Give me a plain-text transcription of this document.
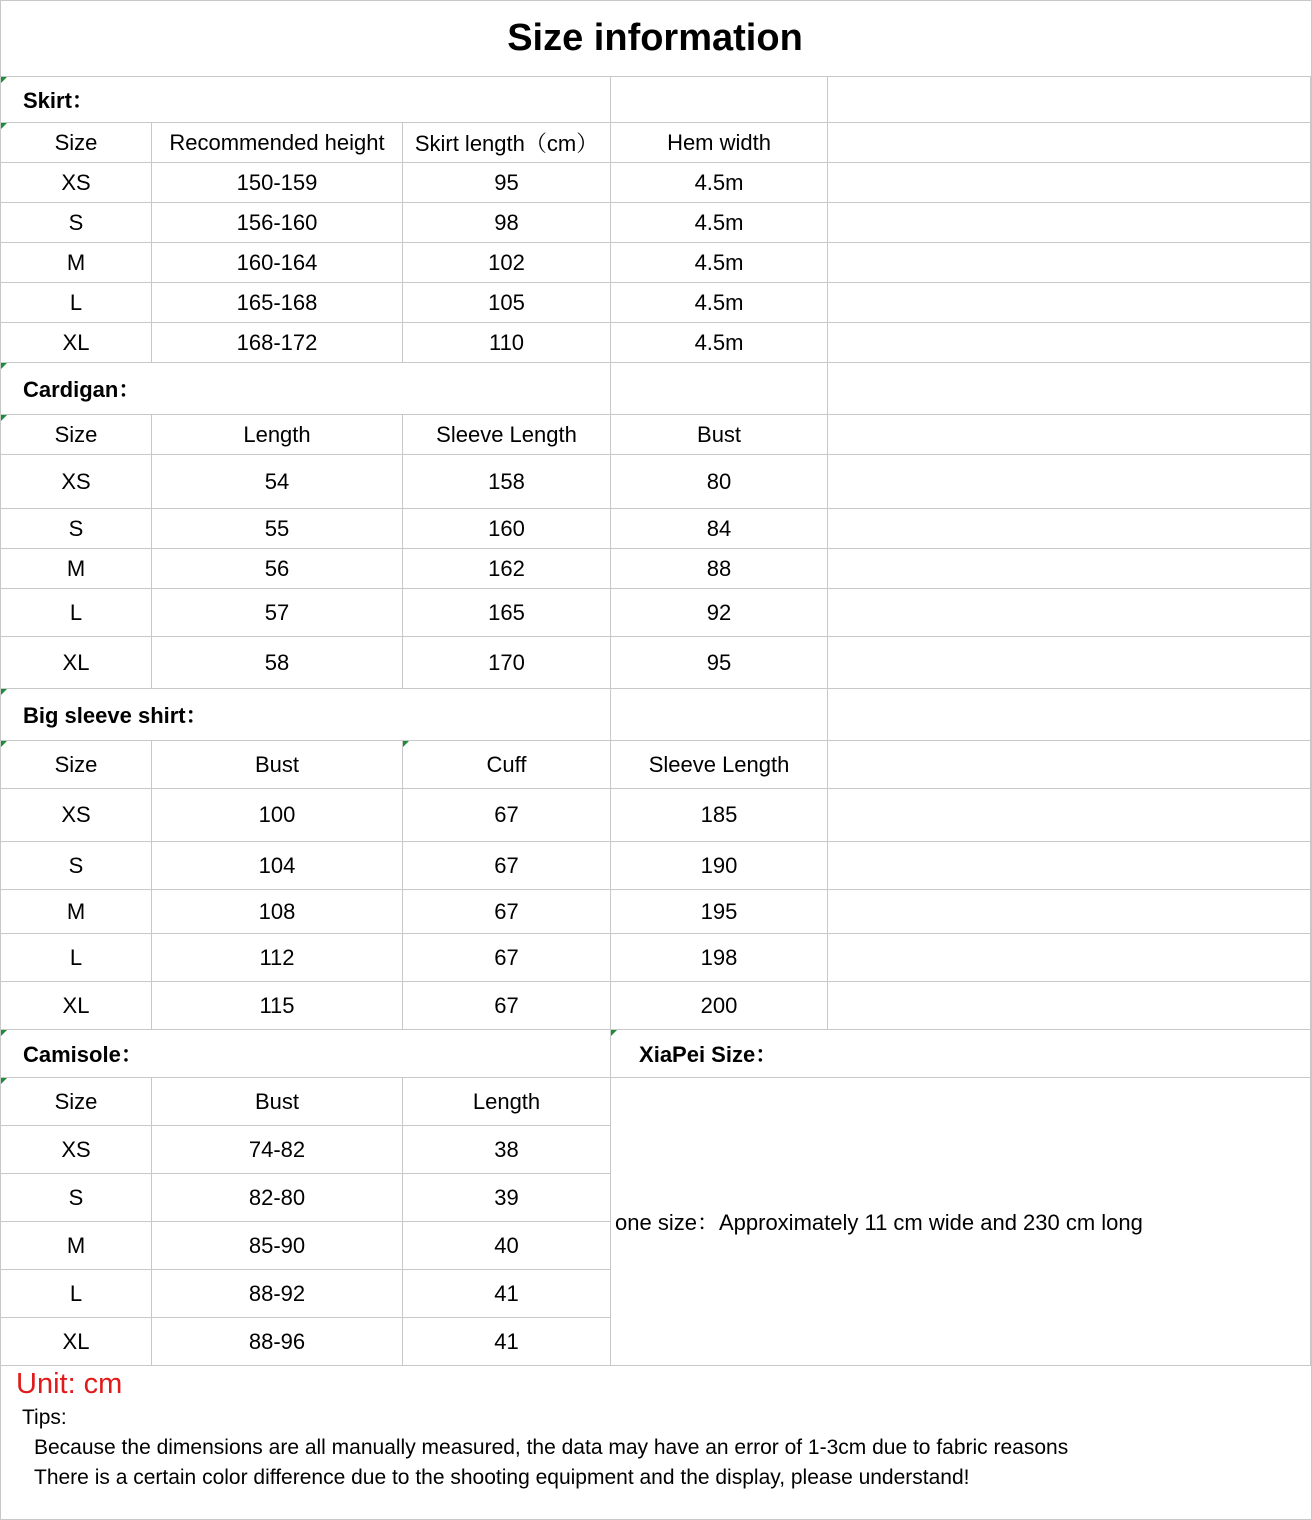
Size information
Skirt：				
Size	Recommended height	Skirt length（cm）	Hem width	
XS	150-159	95	4.5m	
S	156-160	98	4.5m	
M	160-164	102	4.5m	
L	165-168	105	4.5m	
XL	168-172	110	4.5m	
Cardigan：				
Size	Length	Sleeve Length	Bust	
XS	54	158	80	
S	55	160	84	
M	56	162	88	
L	57	165	92	
XL	58	170	95	
Big sleeve shirt：				
Size	Bust	Cuff	Sleeve Length	
XS	100	67	185	
S	104	67	190	
M	108	67	195	
L	112	67	198	
XL	115	67	200	
Camisole：			XiaPei Size：	
Size	Bust	Length	one size：Approximately 11 cm wide and 230 cm long	
XS	74-82	38		
S	82-80	39		
M	85-90	40		
L	88-92	41		
XL	88-96	41		
Unit: cm
Tips:
Because the dimensions are all manually measured, the data may have an error of 1-3cm due to fabric reasons
There is a certain color difference due to the shooting equipment and the display, please understand!
